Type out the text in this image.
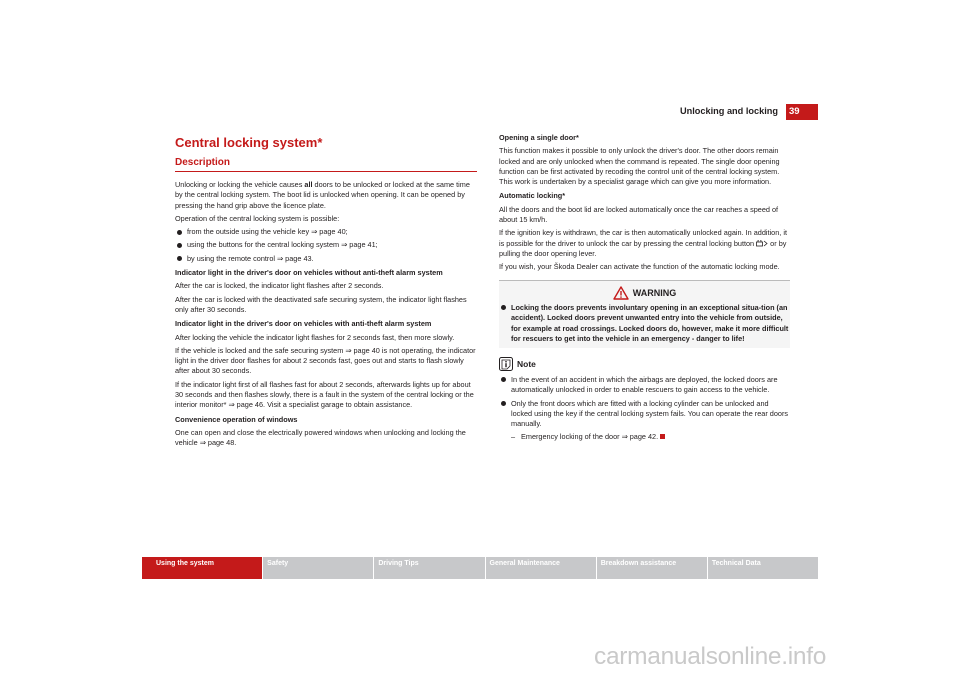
Unlocking and locking	39
Central locking system*
Description

Unlocking or locking the vehicle causes all doors to be unlocked or locked at the same time by the central locking system. The boot lid is unlocked when opening. It can be opened by pressing the hand grip above the licence plate.

Operation of the central locking system is possible:

from the outside using the vehicle key ⇒ page 40;
using the buttons for the central locking system ⇒ page 41;
by using the remote control ⇒ page 43.
Indicator light in the driver's door on vehicles without anti-theft alarm system

After the car is locked, the indicator light flashes after 2 seconds.

After the car is locked with the deactivated safe securing system, the indicator light flashes only after 30 seconds.

Indicator light in the driver's door on vehicles with anti-theft alarm system

After locking the vehicle the indicator light flashes for 2 seconds fast, then more slowly.

If the vehicle is locked and the safe securing system ⇒ page 40 is not operating, the indicator light in the driver door flashes for about 2 seconds fast, goes out and starts to flash slowly after about 30 seconds.

If the indicator light first of all flashes fast for about 2 seconds, afterwards lights up for about 30 seconds and then flashes slowly, there is a fault in the system of the central locking or the interior monitor* ⇒ page 46. Visit a specialist garage to obtain assistance.

Convenience operation of windows

One can open and close the electrically powered windows when unlocking and locking the vehicle ⇒ page 48.

Opening a single door*

This function makes it possible to only unlock the driver's door. The other doors remain locked and are only unlocked when the command is repeated. The single door opening function can be first activated by recoding the control unit of the central locking system. This work is undertaken by a specialist garage which can give you more information.

Automatic locking*

All the doors and the boot lid are locked automatically once the car reaches a speed of about 15 km/h.

If the ignition key is withdrawn, the car is then automatically unlocked again. In addition, it is possible for the driver to unlock the car by pressing the central locking button  or by pulling the door opening lever.

If you wish, your Škoda Dealer can activate the function of the automatic locking mode.

WARNING
Locking the doors prevents involuntary opening in an exceptional situa-tion (an accident). Locked doors prevent unwanted entry into the vehicle from outside, for example at road crossings. Locked doors do, however, make it more difficult for rescuers to get into the vehicle in an emergency - danger to life!
Note
In the event of an accident in which the airbags are deployed, the locked doors are automatically unlocked in order to enable rescuers to gain access to the vehicle.
Only the front doors which are fitted with a locking cylinder can be unlocked and locked using the key if the central locking system fails. You can operate the rear doors manually.
– Emergency locking of the door ⇒ page 42.
Using the system	Safety	Driving Tips	General Maintenance	Breakdown assistance	Technical Data
carmanualsonline.info
